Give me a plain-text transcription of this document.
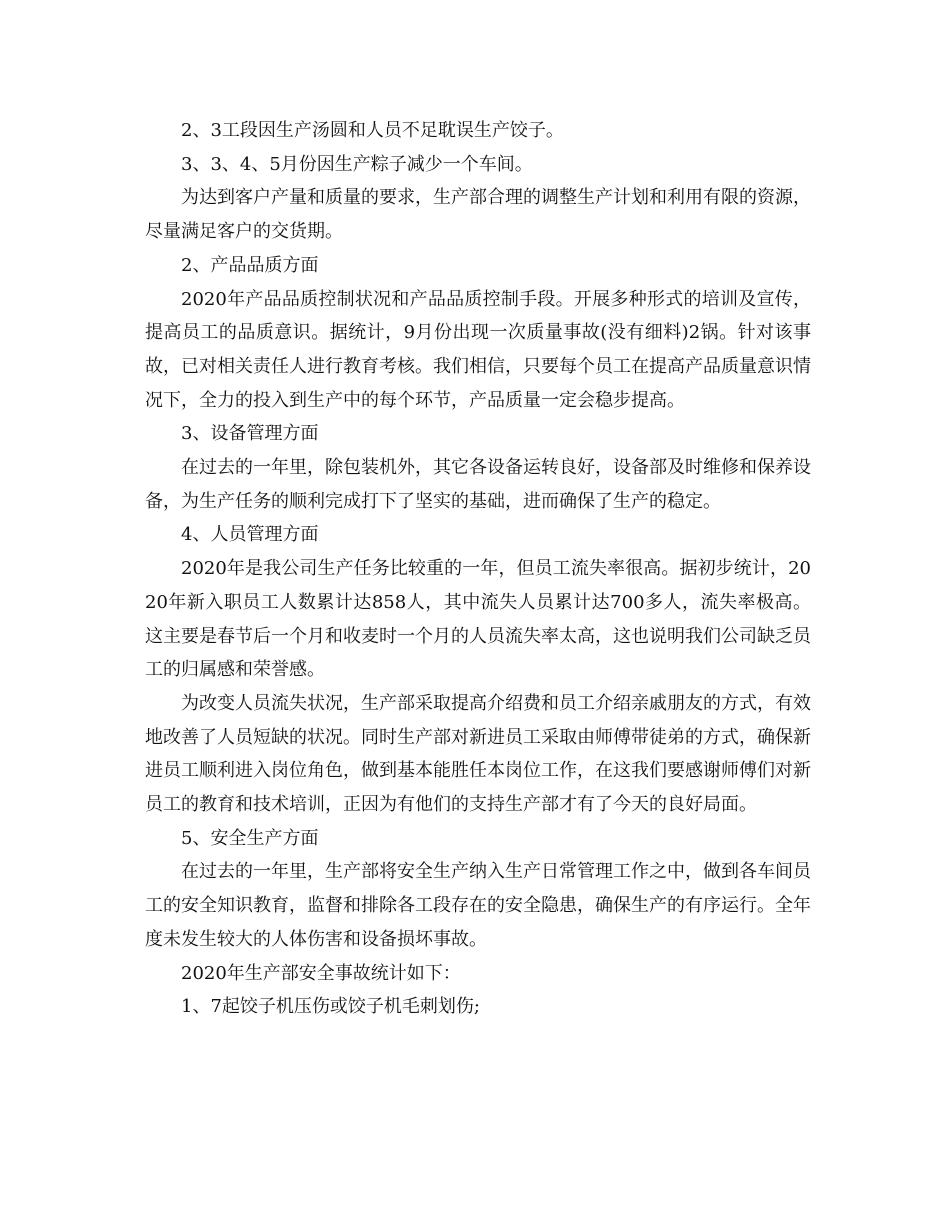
2、3工段因生产汤圆和人员不足耽误生产饺子。

3、3、4、5月份因生产粽子减少一个车间。

为达到客户产量和质量的要求，生产部合理的调整生产计划和利用有限的资源，尽量满足客户的交货期。

2、产品品质方面

2020年产品品质控制状况和产品品质控制手段。开展多种形式的培训及宣传，提高员工的品质意识。据统计，9月份出现一次质量事故(没有细料)2锅。针对该事故，已对相关责任人进行教育考核。我们相信，只要每个员工在提高产品质量意识情况下，全力的投入到生产中的每个环节，产品质量一定会稳步提高。

3、设备管理方面

在过去的一年里，除包装机外，其它各设备运转良好，设备部及时维修和保养设备，为生产任务的顺利完成打下了坚实的基础，进而确保了生产的稳定。

4、人员管理方面

2020年是我公司生产任务比较重的一年，但员工流失率很高。据初步统计，2020年新入职员工人数累计达858人，其中流失人员累计达700多人，流失率极高。这主要是春节后一个月和收麦时一个月的人员流失率太高，这也说明我们公司缺乏员工的归属感和荣誉感。

为改变人员流失状况，生产部采取提高介绍费和员工介绍亲戚朋友的方式，有效地改善了人员短缺的状况。同时生产部对新进员工采取由师傅带徒弟的方式，确保新进员工顺利进入岗位角色，做到基本能胜任本岗位工作，在这我们要感谢师傅们对新员工的教育和技术培训，正因为有他们的支持生产部才有了今天的良好局面。

5、安全生产方面

在过去的一年里，生产部将安全生产纳入生产日常管理工作之中，做到各车间员工的安全知识教育，监督和排除各工段存在的安全隐患，确保生产的有序运行。全年度未发生较大的人体伤害和设备损坏事故。

2020年生产部安全事故统计如下：

1、7起饺子机压伤或饺子机毛刺划伤;
